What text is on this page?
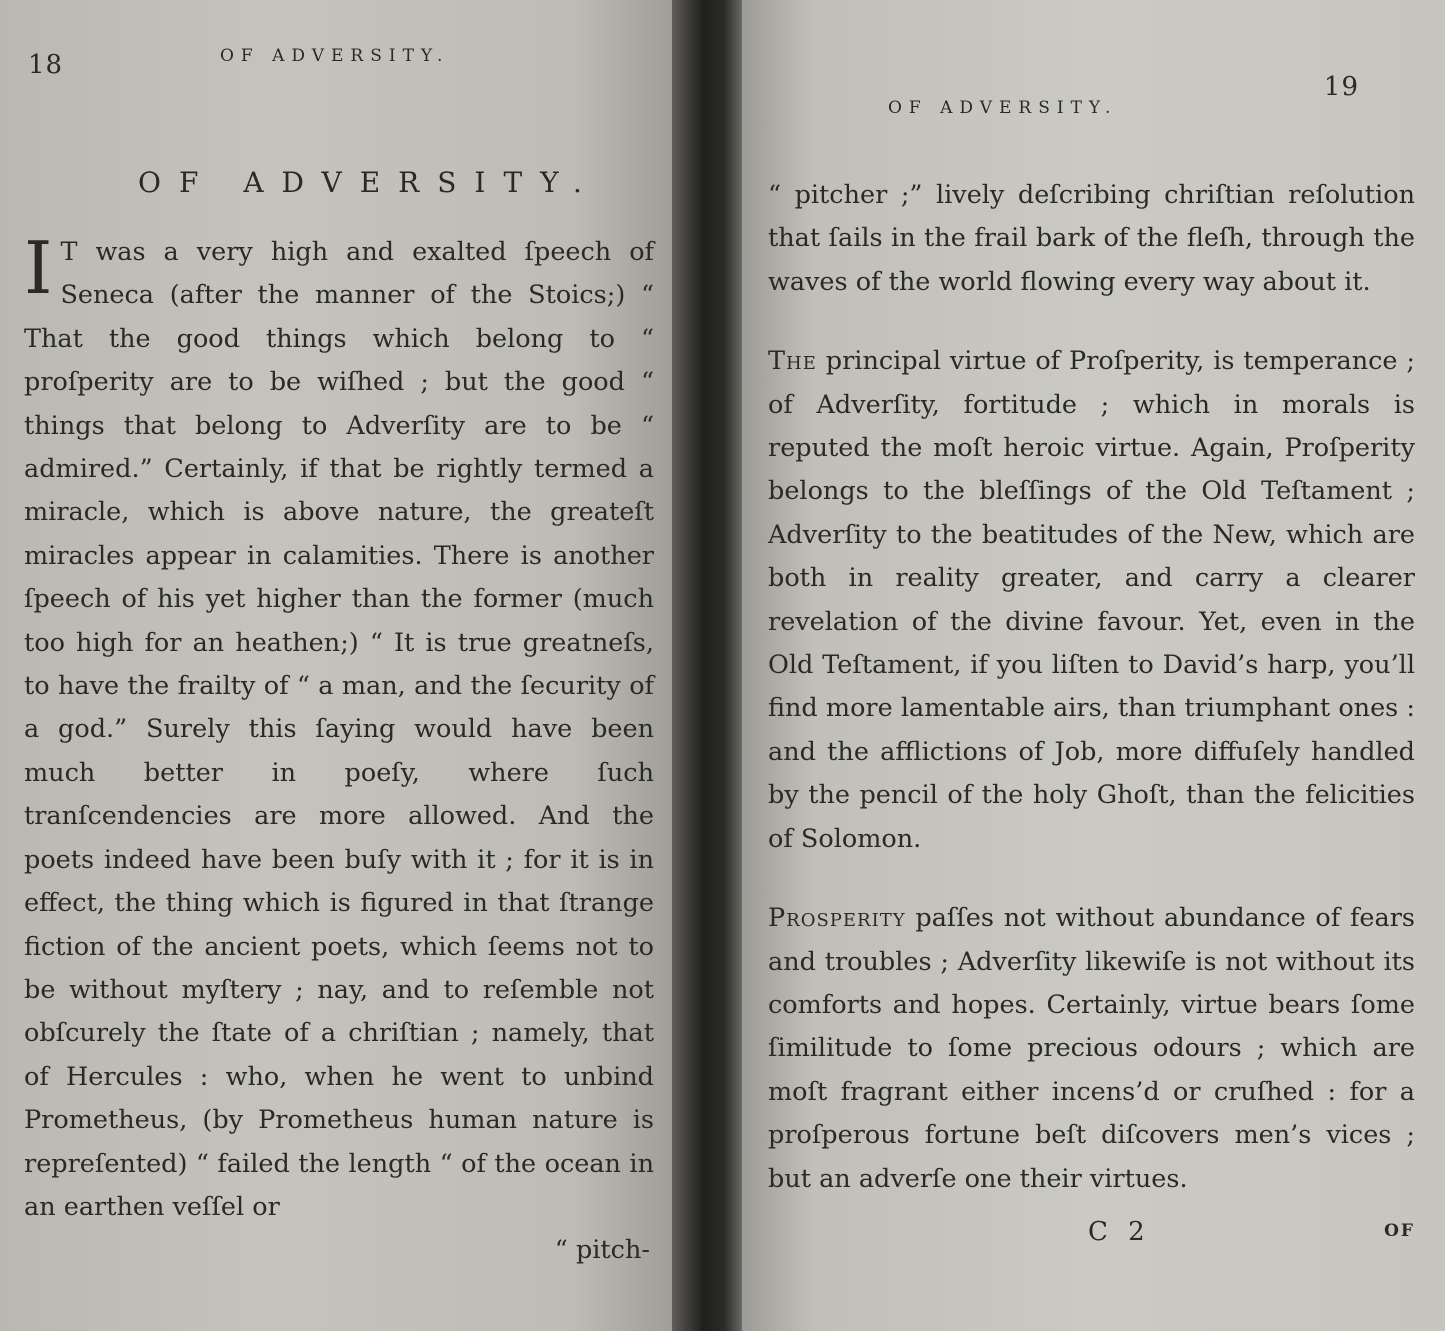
18	OF ADVERSITY.
OF ADVERSITY.

I T was a very high and exalted ſpeech of Seneca (after the manner of the Stoics;) “ That the good things which belong to “ proſperity are to be wiſhed ; but the good “ things that belong to Adverſity are to be “ admired.” Certainly, if that be rightly termed a miracle, which is above nature, the greateſt miracles appear in calamities. There is another ſpeech of his yet higher than the former (much too high for an heathen;) “ It is true greatneſs, to have the frailty of “ a man, and the ſecurity of a god.” Surely this ſaying would have been much better in poeſy, where ſuch tranſcendencies are more allowed. And the poets indeed have been buſy with it ; for it is in effect, the thing which is figured in that ſtrange fiction of the ancient poets, which ſeems not to be without myſtery ; nay, and to reſemble not obſcurely the ſtate of a chriſtian ; namely, that of Hercules : who, when he went to unbind Prometheus, (by Prometheus human nature is repreſented) “ failed the length “ of the ocean in an earthen veſſel or

“ pitch-
OF ADVERSITY.
19

“ pitcher ;” lively deſcribing chriſtian reſolution that ſails in the frail bark of the fleſh, through the waves of the world flowing every way about it.

The principal virtue of Proſperity, is temperance ; of Adverſity, fortitude ; which in morals is reputed the moſt heroic virtue. Again, Proſperity belongs to the bleſſings of the Old Teſtament ; Adverſity to the beatitudes of the New, which are both in reality greater, and carry a clearer revelation of the divine favour. Yet, even in the Old Teſtament, if you liſten to David’s harp, you’ll find more lamentable airs, than triumphant ones : and the afflictions of Job, more diffuſely handled by the pencil of the holy Ghoſt, than the felicities of Solomon.

Prosperity paſſes not without abundance of fears and troubles ; Adverſity likewiſe is not without its comforts and hopes. Certainly, virtue bears ſome ſimilitude to ſome precious odours ; which are moſt fragrant either incens’d or cruſhed : for a proſperous fortune beſt diſcovers men’s vices ; but an adverſe one their virtues.

C 2	OF
